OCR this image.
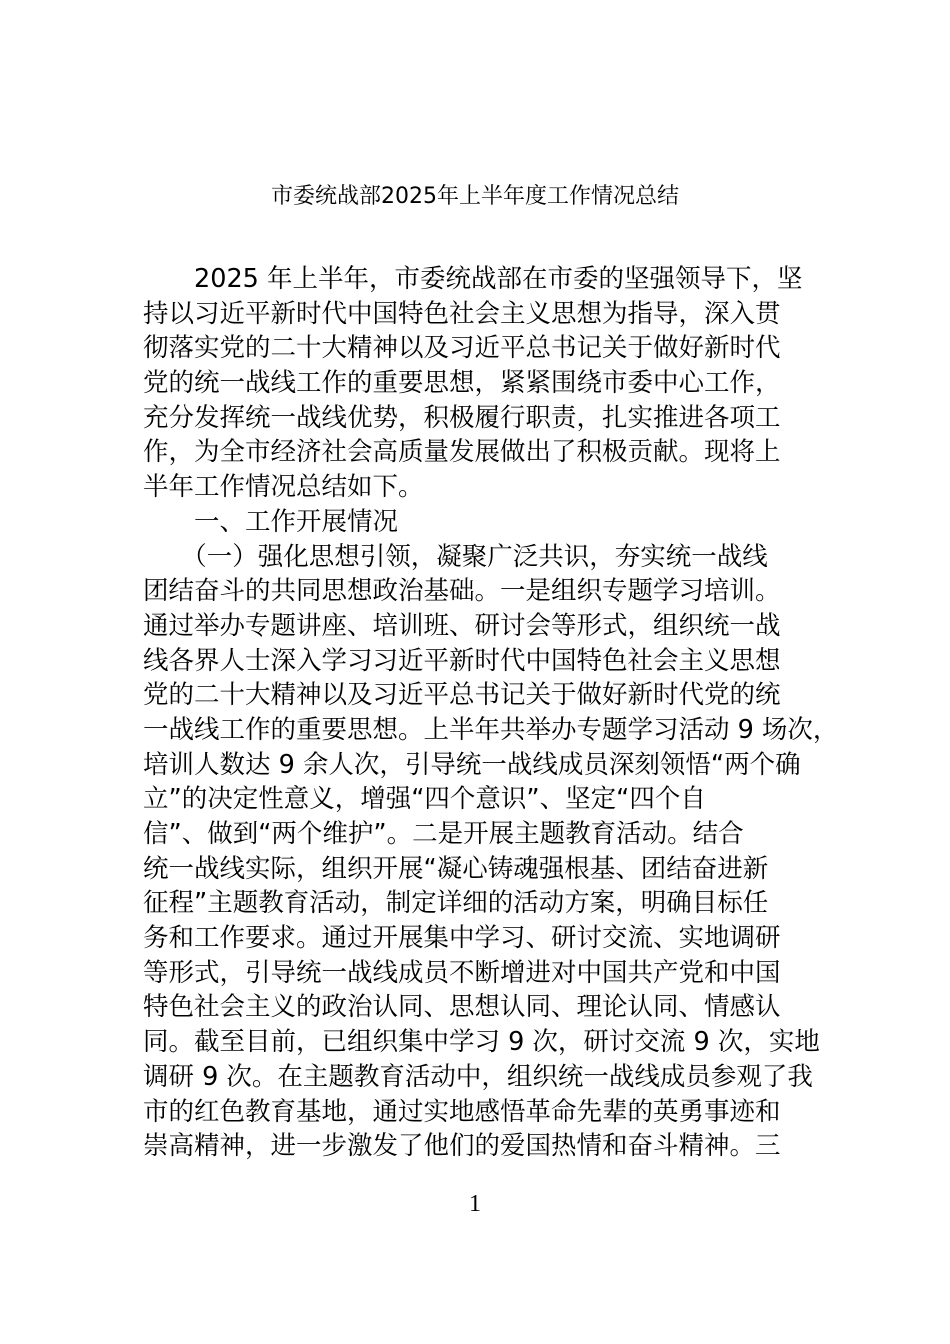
市委统战部2025年上半年度工作情况总结
　　2025 年上半年，市委统战部在市委的坚强领导下，坚
持以习近平新时代中国特色社会主义思想为指导，深入贯
彻落实党的二十大精神以及习近平总书记关于做好新时代
党的统一战线工作的重要思想，紧紧围绕市委中心工作，
充分发挥统一战线优势，积极履行职责，扎实推进各项工
作，为全市经济社会高质量发展做出了积极贡献。现将上
半年工作情况总结如下。
　　一、工作开展情况
　　（一）强化思想引领，凝聚广泛共识，夯实统一战线
团结奋斗的共同思想政治基础。一是组织专题学习培训。
通过举办专题讲座、培训班、研讨会等形式，组织统一战
线各界人士深入学习习近平新时代中国特色社会主义思想
党的二十大精神以及习近平总书记关于做好新时代党的统
一战线工作的重要思想。上半年共举办专题学习活动 9 场次，
培训人数达 9 余人次，引导统一战线成员深刻领悟“两个确
立”的决定性意义，增强“四个意识”、坚定“四个自
信”、做到“两个维护”。二是开展主题教育活动。结合
统一战线实际，组织开展“凝心铸魂强根基、团结奋进新
征程”主题教育活动，制定详细的活动方案，明确目标任
务和工作要求。通过开展集中学习、研讨交流、实地调研
等形式，引导统一战线成员不断增进对中国共产党和中国
特色社会主义的政治认同、思想认同、理论认同、情感认
同。截至目前，已组织集中学习 9 次，研讨交流 9 次，实地
调研 9 次。在主题教育活动中，组织统一战线成员参观了我
市的红色教育基地，通过实地感悟革命先辈的英勇事迹和
崇高精神，进一步激发了他们的爱国热情和奋斗精神。三
1
